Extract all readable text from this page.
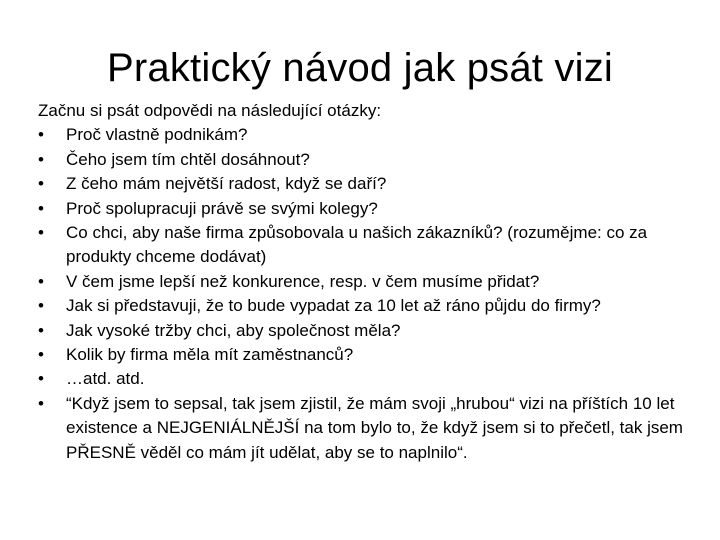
Praktický návod jak psát vizi

Začnu si psát odpovědi na následující otázky:

•	Proč vlastně podnikám?
•	Čeho jsem tím chtěl dosáhnout?
•	Z čeho mám největší radost, když se daří?
•	Proč spolupracuji právě se svými kolegy?
•	Co chci, aby naše firma způsobovala u našich zákazníků? (rozumějme: co za produkty chceme dodávat)
•	V čem jsme lepší než konkurence, resp. v čem musíme přidat?
•	Jak si představuji, že to bude vypadat za 10 let až ráno půjdu do firmy?
•	Jak vysoké tržby chci, aby společnost měla?
•	Kolik by firma měla mít zaměstnanců?
•	…atd. atd.
•	“Když jsem to sepsal, tak jsem zjistil, že mám svoji „hrubou“ vizi na příštích 10 let existence a NEJGENIÁLNĚJŠÍ na tom bylo to, že když jsem si to přečetl, tak jsem PŘESNĚ věděl co mám jít udělat, aby se to naplnilo“.
